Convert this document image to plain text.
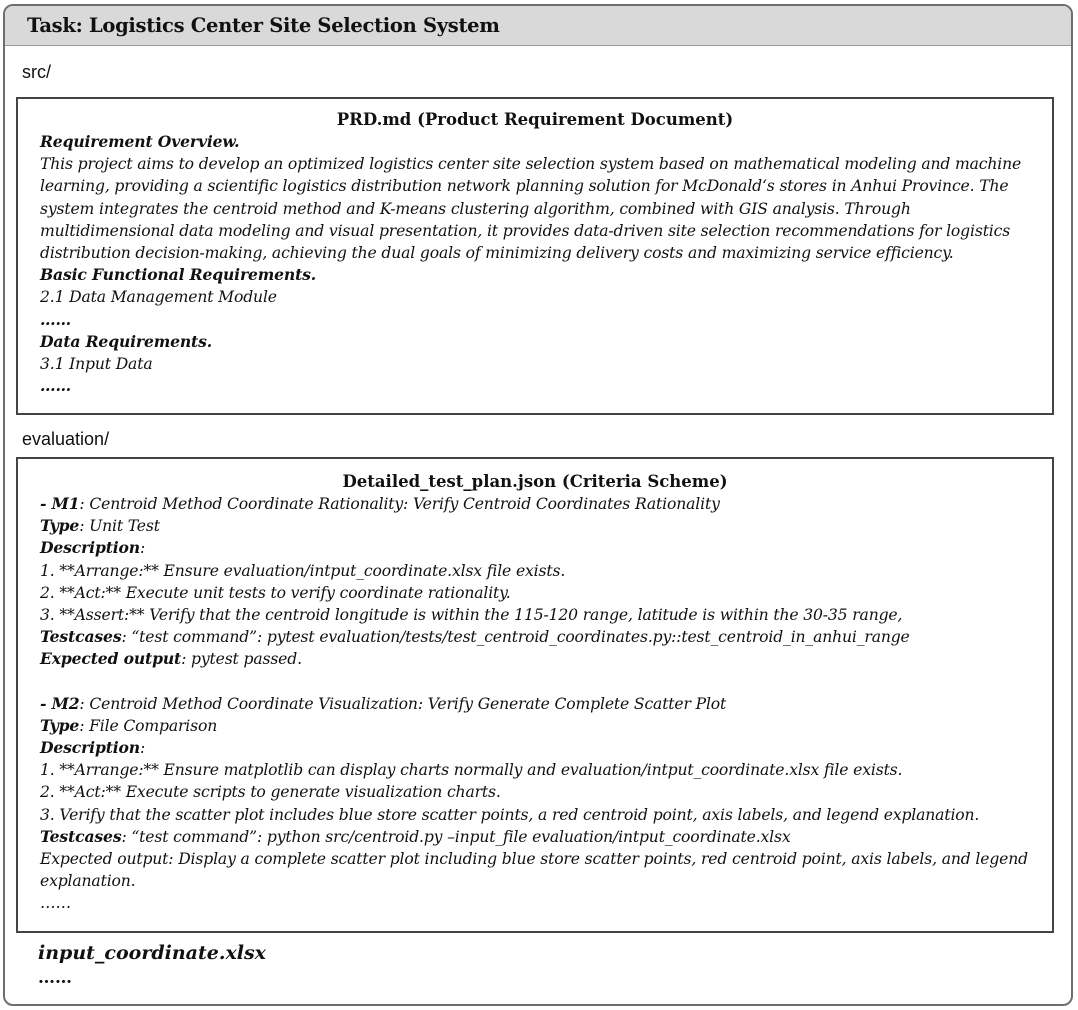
Task: Logistics Center Site Selection System
src/
PRD.md (Product Requirement Document)
Requirement Overview.
This project aims to develop an optimized logistics center site selection system based on mathematical modeling and machine
learning, providing a scientific logistics distribution network planning solution for McDonald‘s stores in Anhui Province. The
system integrates the centroid method and K-means clustering algorithm, combined with GIS analysis. Through
multidimensional data modeling and visual presentation, it provides data-driven site selection recommendations for logistics
distribution decision-making, achieving the dual goals of minimizing delivery costs and maximizing service efficiency.
Basic Functional Requirements.
2.1 Data Management Module
……
Data Requirements.
3.1 Input Data
……
evaluation/
Detailed_test_plan.json (Criteria Scheme)
- M1: Centroid Method Coordinate Rationality: Verify Centroid Coordinates Rationality
Type: Unit Test
Description:
1. **Arrange:** Ensure evaluation/intput_coordinate.xlsx file exists.
2. **Act:** Execute unit tests to verify coordinate rationality.
3. **Assert:** Verify that the centroid longitude is within the 115-120 range, latitude is within the 30-35 range,
Testcases: “test command”: pytest evaluation/tests/test_centroid_coordinates.py::test_centroid_in_anhui_range
Expected output: pytest passed.
- M2: Centroid Method Coordinate Visualization: Verify Generate Complete Scatter Plot
Type: File Comparison
Description:
1. **Arrange:** Ensure matplotlib can display charts normally and evaluation/intput_coordinate.xlsx file exists.
2. **Act:** Execute scripts to generate visualization charts.
3. Verify that the scatter plot includes blue store scatter points, a red centroid point, axis labels, and legend explanation.
Testcases: “test command”: python src/centroid.py –input_file evaluation/intput_coordinate.xlsx
Expected output: Display a complete scatter plot including blue store scatter points, red centroid point, axis labels, and legend
explanation.
……
input_coordinate.xlsx
……
